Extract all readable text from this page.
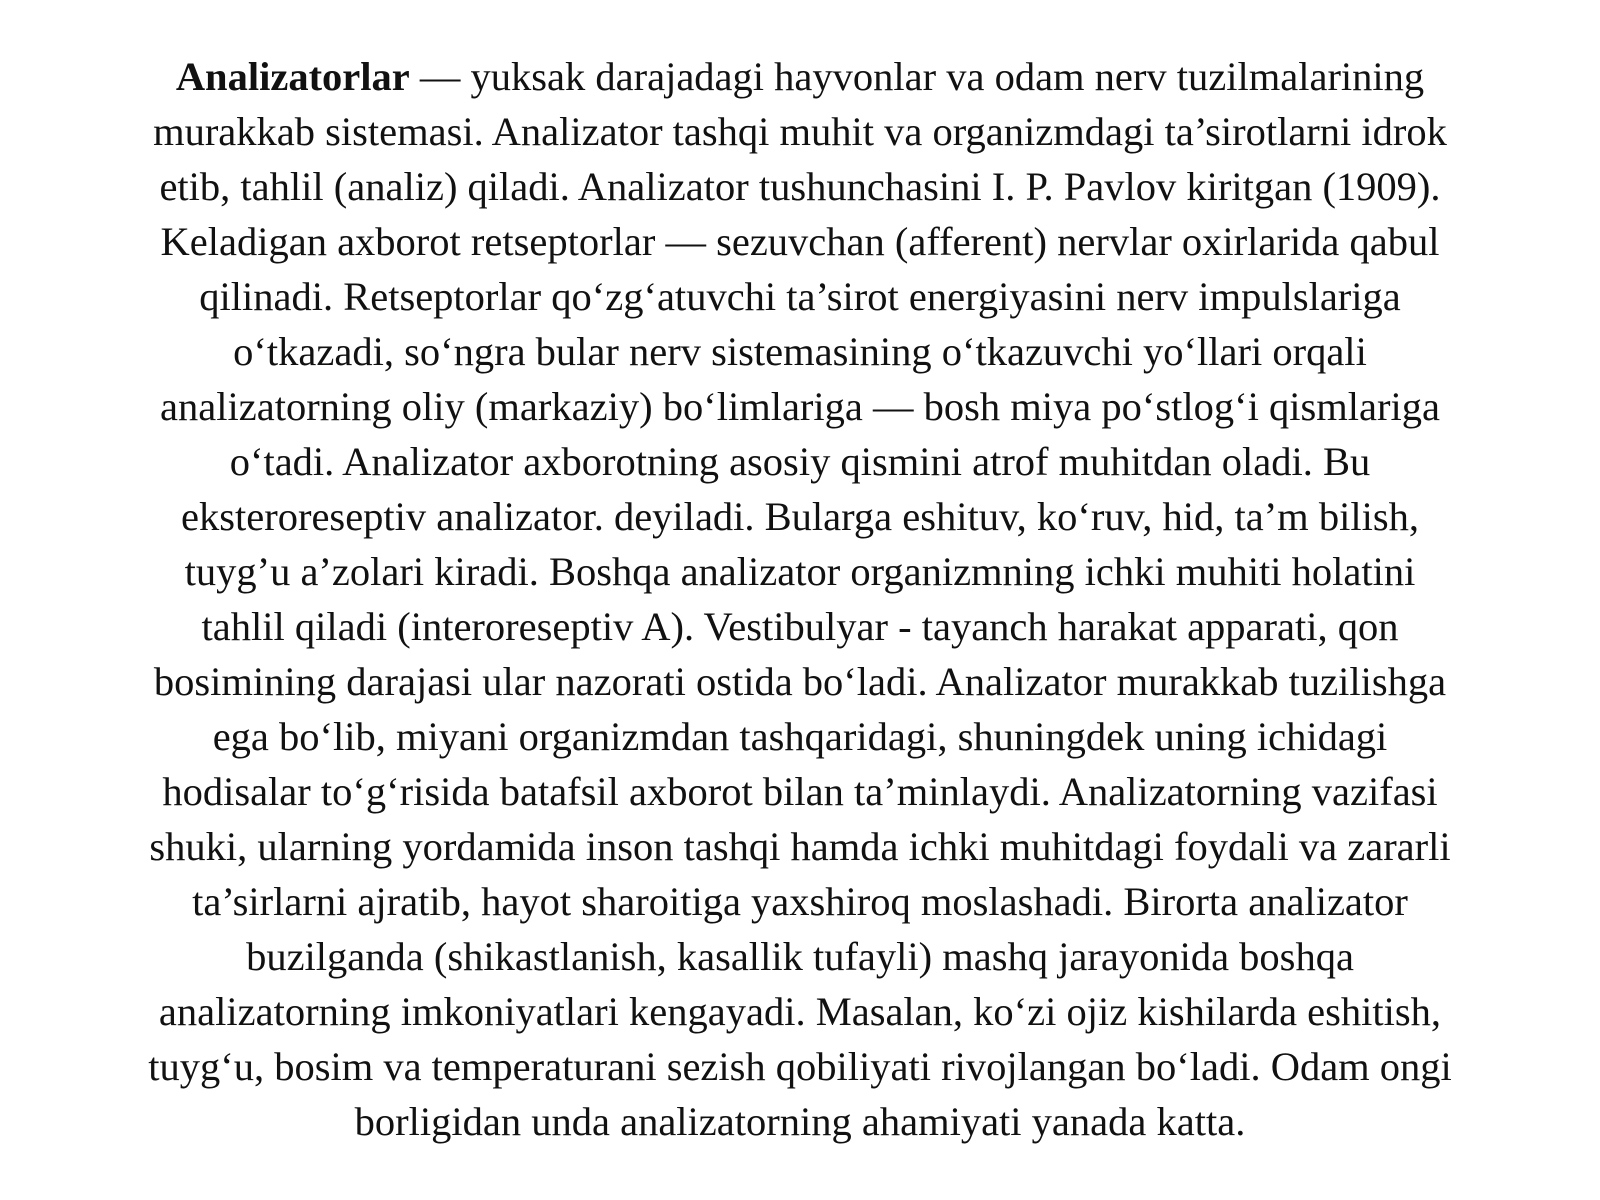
Analizatorlar — yuksak darajadagi hayvonlar va odam nerv tuzilmalarining
murakkab sistemasi. Analizator tashqi muhit va organizmdagi ta’sirotlarni idrok
etib, tahlil (analiz) qiladi. Analizator tushunchasini I. P. Pavlov kiritgan (1909).
Keladigan axborot retseptorlar — sezuvchan (afferent) nervlar oxirlarida qabul
qilinadi. Retseptorlar qo‘zg‘atuvchi ta’sirot energiyasini nerv impulslariga
o‘tkazadi, so‘ngra bular nerv sistemasining o‘tkazuvchi yo‘llari orqali
analizatorning oliy (markaziy) bo‘limlariga — bosh miya po‘stlog‘i qismlariga
o‘tadi. Analizator axborotning asosiy qismini atrof muhitdan oladi. Bu
eksteroreseptiv analizator. deyiladi. Bularga eshituv, ko‘ruv, hid, ta’m bilish,
tuyg’u a’zolari kiradi. Boshqa analizator organizmning ichki muhiti holatini
tahlil qiladi (interoreseptiv A). Vestibulyar - tayanch harakat apparati, qon
bosimining darajasi ular nazorati ostida bo‘ladi. Analizator murakkab tuzilishga
ega bo‘lib, miyani organizmdan tashqaridagi, shuningdek uning ichidagi
hodisalar to‘g‘risida batafsil axborot bilan ta’minlaydi. Analizatorning vazifasi
shuki, ularning yordamida inson tashqi hamda ichki muhitdagi foydali va zararli
ta’sirlarni ajratib, hayot sharoitiga yaxshiroq moslashadi. Birorta analizator
buzilganda (shikastlanish, kasallik tufayli) mashq jarayonida boshqa
analizatorning imkoniyatlari kengayadi. Masalan, ko‘zi ojiz kishilarda eshitish,
tuyg‘u, bosim va temperaturani sezish qobiliyati rivojlangan bo‘ladi. Odam ongi
borligidan unda analizatorning ahamiyati yanada katta.
